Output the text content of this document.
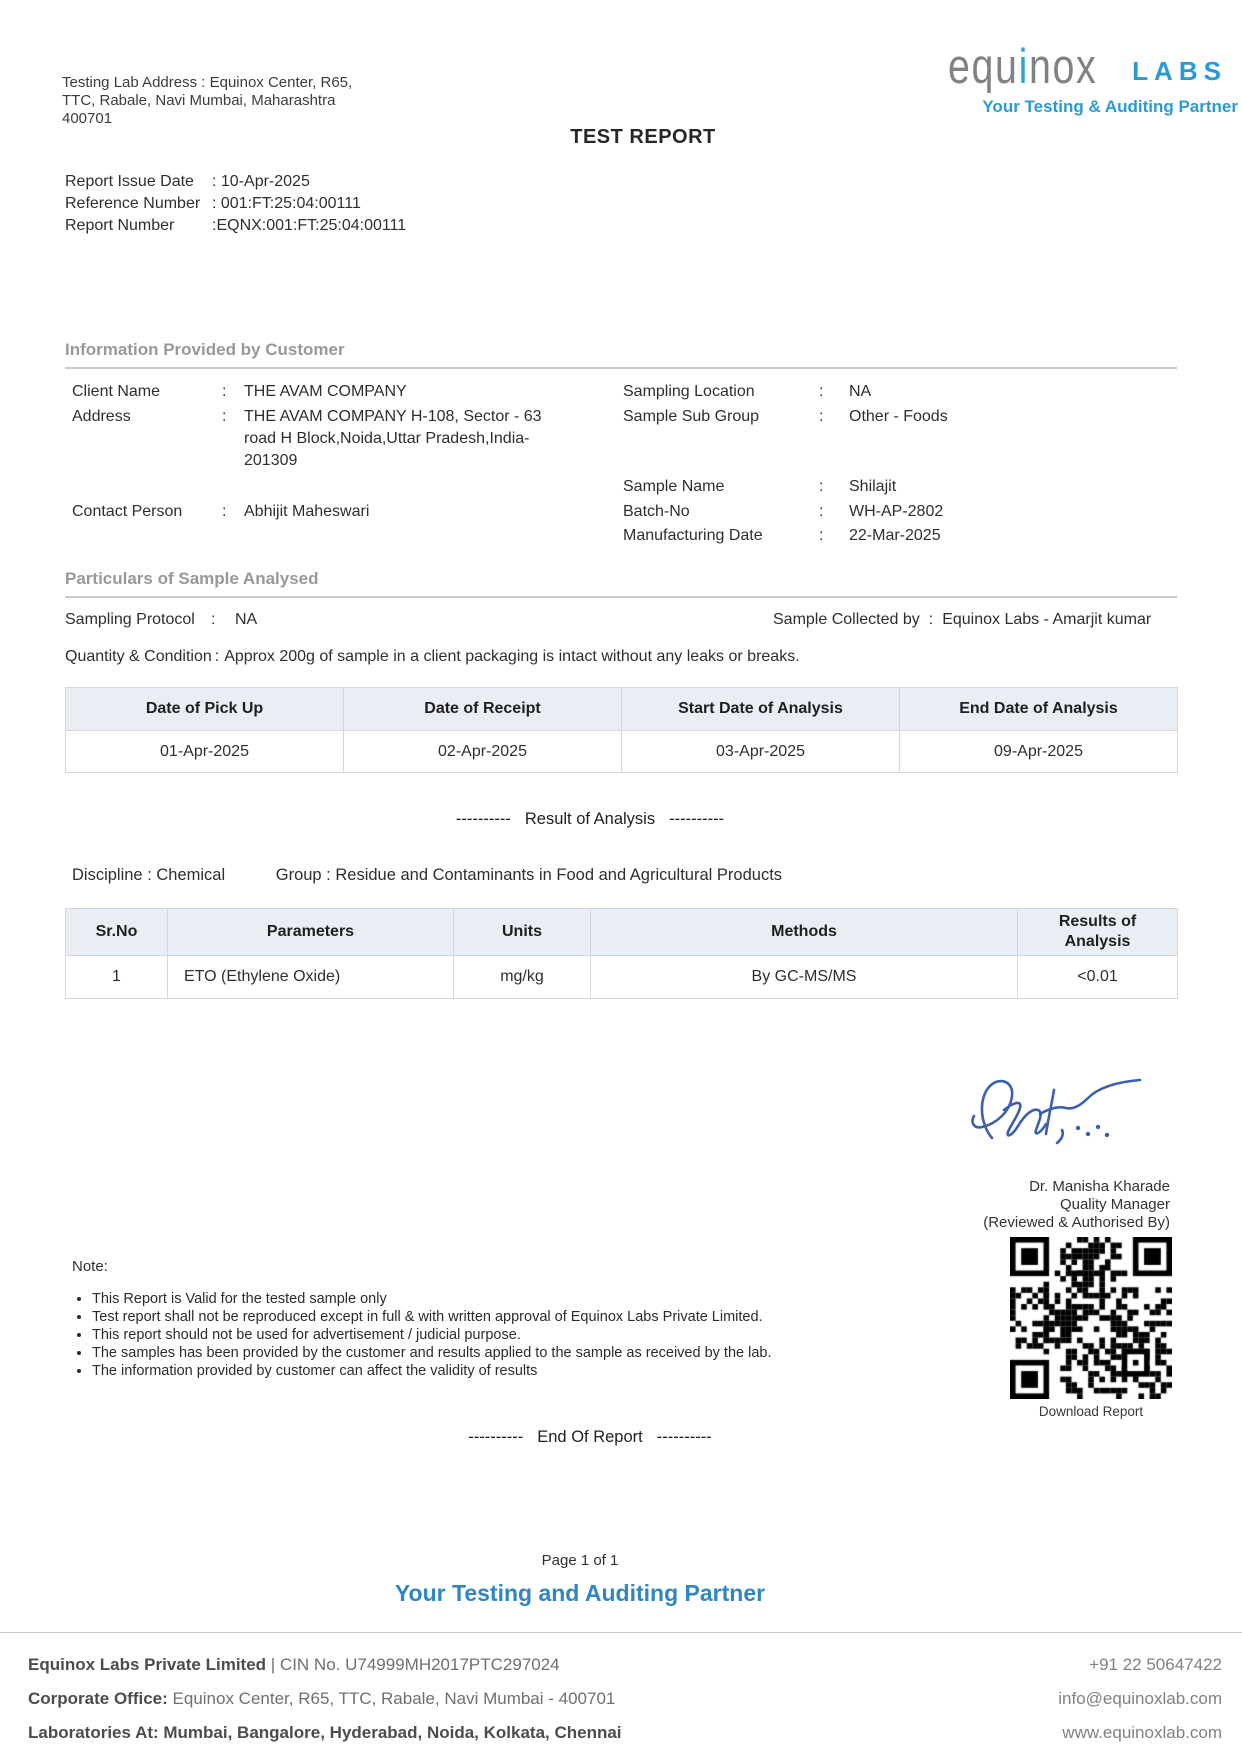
Testing Lab Address : Equinox Center, R65,
TTC, Rabale, Navi Mumbai, Maharashtra
400701
equinox LABS
Your Testing & Auditing Partner
TEST REPORT
Report Issue Date	: 10-Apr-2025
Reference Number : 001:FT:25:04:00111
Report Number	:EQNX:001:FT:25:04:00111
Information Provided by Customer
Client Name	:	THE AVAM COMPANY
Address	:	THE AVAM COMPANY H-108, Sector - 63 road H Block,Noida,Uttar Pradesh,India-201309
Contact Person	:	Abhijit Maheswari
Sampling Location	:	NA
Sample Sub Group	:	Other - Foods
Sample Name	:	Shilajit
Batch-No	:	WH-AP-2802
Manufacturing Date	:	22-Mar-2025
Particulars of Sample Analysed
Sampling Protocol	:	NA	Sample Collected by : Equinox Labs - Amarjit kumar
Quantity & Condition : Approx 200g of sample in a client packaging is intact without any leaks or breaks.
Date of Pick Up	Date of Receipt	Start Date of Analysis	End Date of Analysis
01-Apr-2025	02-Apr-2025	03-Apr-2025	09-Apr-2025
---------- Result of Analysis ----------
Discipline : Chemical	Group : Residue and Contaminants in Food and Agricultural Products
Sr.No	Parameters	Units	Methods	Results of Analysis
1	ETO (Ethylene Oxide)	mg/kg	By GC-MS/MS	<0.01
Dr. Manisha Kharade
Quality Manager
(Reviewed & Authorised By)
Download Report
Note:
• This Report is Valid for the tested sample only
• Test report shall not be reproduced except in full & with written approval of Equinox Labs Private Limited.
• This report should not be used for advertisement / judicial purpose.
• The samples has been provided by the customer and results applied to the sample as received by the lab.
• The information provided by customer can affect the validity of results
---------- End Of Report ----------
Page 1 of 1
Your Testing and Auditing Partner
Equinox Labs Private Limited | CIN No. U74999MH2017PTC297024
Corporate Office: Equinox Center, R65, TTC, Rabale, Navi Mumbai - 400701
Laboratories At: Mumbai, Bangalore, Hyderabad, Noida, Kolkata, Chennai
+91 22 50647422
info@equinoxlab.com
www.equinoxlab.com
